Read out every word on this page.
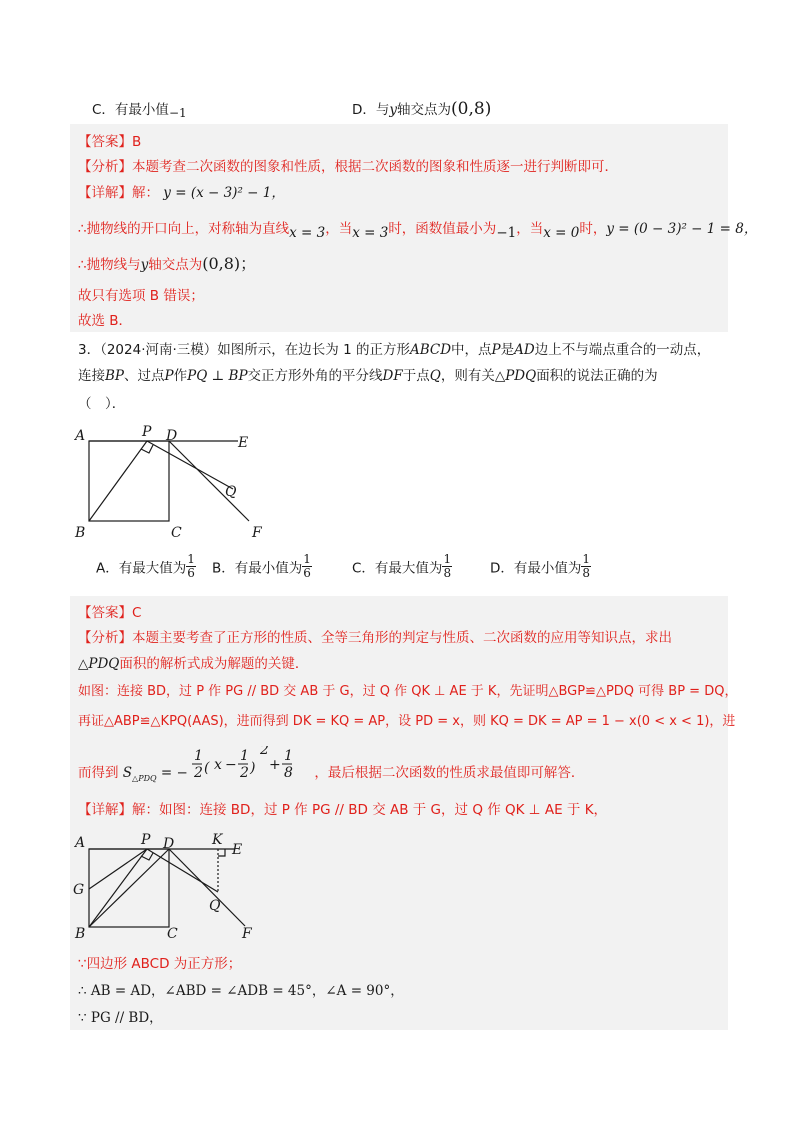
C．有最小值−1	D．与y轴交点为(0,8)
【答案】B
【分析】本题考查二次函数的图象和性质，根据二次函数的图象和性质逐一进行判断即可．
【详解】解： y = (x − 3)² − 1，
∴抛物线的开口向上，对称轴为直线x = 3，当x = 3时，函数值最小为−1，当x = 0时，y = (0 − 3)² − 1 = 8，
∴抛物线与y轴交点为(0,8)；
故只有选项 B 错误；
故选 B．
3．（2024·河南·三模）如图所示，在边长为 1 的正方形ABCD中，点P是AD边上不与端点重合的一动点，
连接BP、过点P作PQ ⊥ BP交正方形外角的平分线DF于点Q，则有关△PDQ面积的说法正确的为
（　）．
A	P D	E
Q
B	C	F
A．有最大值为 $\frac{1}{6}$ B．有最小值为 $\frac{1}{6}$	C．有最大值为 $\frac{1}{8}$	D．有最小值为 $\frac{1}{8}$
【答案】C
【分析】本题主要考查了正方形的性质、全等三角形的判定与性质、二次函数的应用等知识点，求出
△PDQ面积的解析式成为解题的关键．
如图：连接 BD，过 P 作 PG // BD 交 AB 于 G，过 Q 作 QK ⊥ AE 于 K，先证明△BGP≌△PDQ 可得 BP = DQ，
再证△ABP≌△KPQ(AAS)，进而得到 DK = KQ = AP，设 PD = x，则 KQ = DK = AP = 1 − x(0 < x < 1)，进
而得到 $S_{\triangle PDQ}$ = −
1
2 ( x −
1
2 )
2
+
1
8 ，最后根据二次函数的性质求最值即可解答．
【详解】解：如图：连接 BD，过 P 作 PG // BD 交 AB 于 G，过 Q 作 QK ⊥ AE 于 K，
A	P D	K
E
G
Q
B	C	F
∵四边形 ABCD 为正方形；
∴ AB = AD，∠ABD = ∠ADB = 45°，∠A = 90°，
∵ PG // BD，
